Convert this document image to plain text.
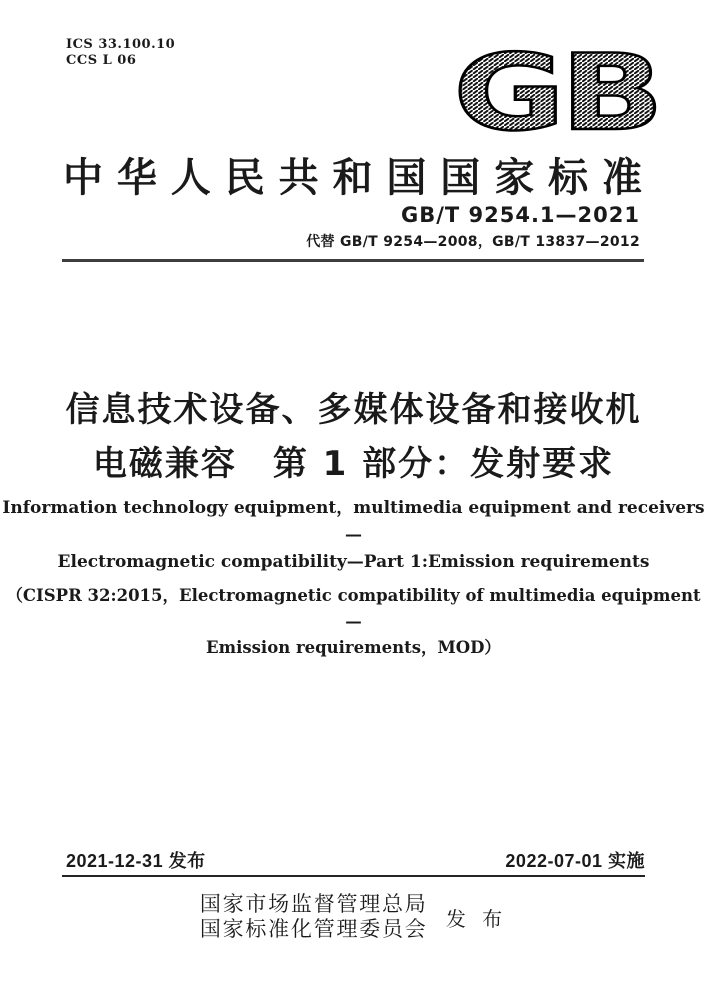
ICS 33.100.10
CCS L 06	GB
中华人民共和国国家标准
GB/T 9254.1—2021
代替 GB/T 9254—2008，GB/T 13837—2012
信息技术设备、多媒体设备和接收机
电磁兼容　第 1 部分：发射要求
Information technology equipment，multimedia equipment and receivers—
Electromagnetic compatibility—Part 1:Emission requirements
（CISPR 32:2015，Electromagnetic compatibility of multimedia equipment—
Emission requirements，MOD）
2021-12-31 发布	2022-07-01 实施
国家市场监督管理总局
国家标准化管理委员会 发 布
